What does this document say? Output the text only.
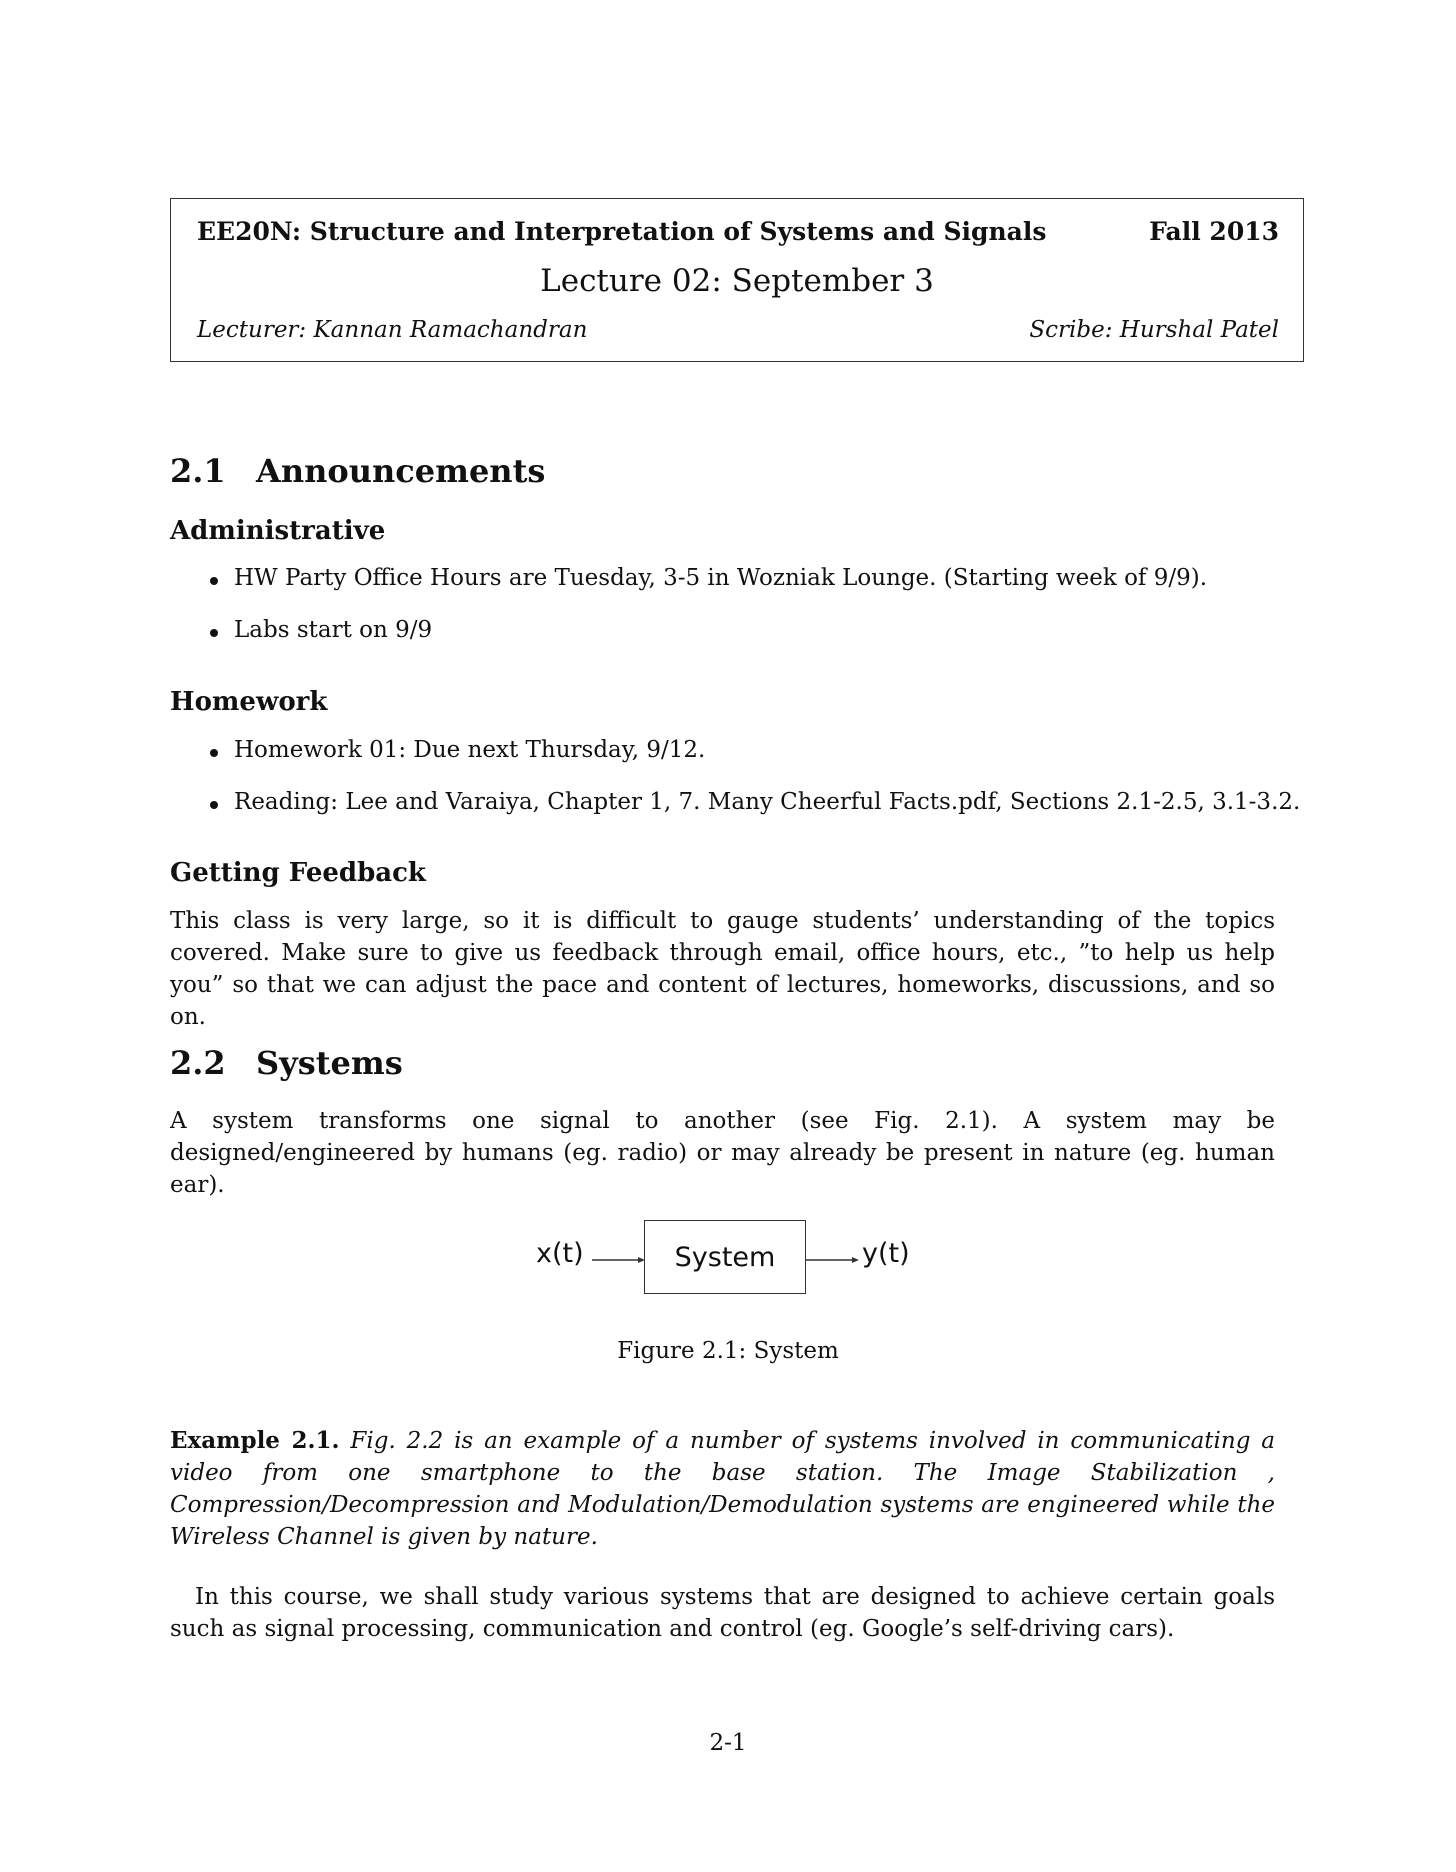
EE20N: Structure and Interpretation of Systems and Signals	Fall 2013
Lecture 02: September 3
Lecturer: Kannan Ramachandran	Scribe: Hurshal Patel
2.1 Announcements
Administrative
HW Party Office Hours are Tuesday, 3-5 in Wozniak Lounge. (Starting week of 9/9).
Labs start on 9/9
Homework
Homework 01: Due next Thursday, 9/12.
Reading: Lee and Varaiya, Chapter 1, 7. Many Cheerful Facts.pdf, Sections 2.1-2.5, 3.1-3.2.
Getting Feedback

This class is very large, so it is difficult to gauge students’ understanding of the topics covered. Make sure to give us feedback through email, office hours, etc., ”to help us help you” so that we can adjust the pace and content of lectures, homeworks, discussions, and so on.

2.2 Systems

A system transforms one signal to another (see Fig. 2.1). A system may be designed/engineered by humans (eg. radio) or may already be present in nature (eg. human ear).

x(t)	System	y(t)
Figure 2.1: System

Example 2.1. Fig. 2.2 is an example of a number of systems involved in communicating a video from one smartphone to the base station. The Image Stabilization , Compression/Decompression and Modulation/Demodulation systems are engineered while the Wireless Channel is given by nature.

In this course, we shall study various systems that are designed to achieve certain goals such as signal processing, communication and control (eg. Google’s self-driving cars).

2-1
